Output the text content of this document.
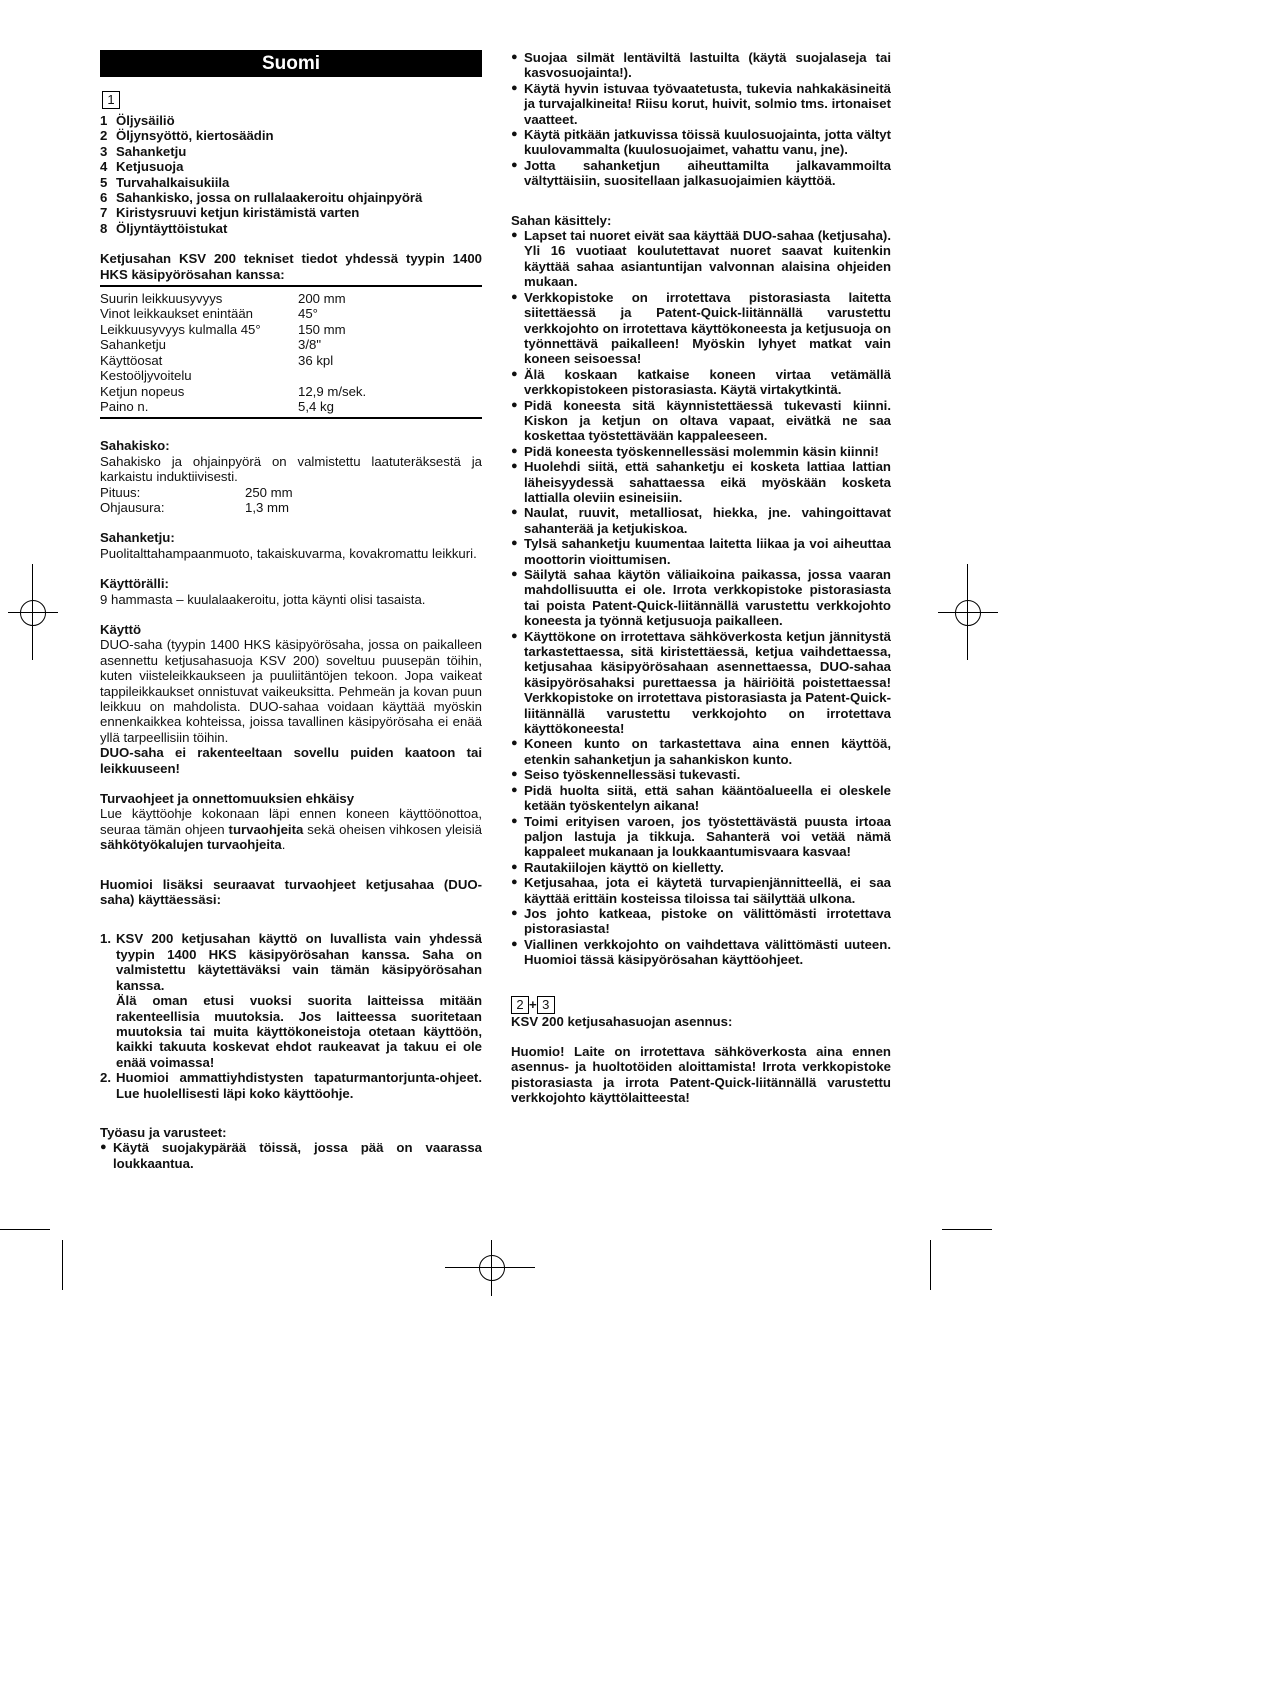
Suomi
1
1 Öljysäiliö
2 Öljynsyöttö, kiertosäädin
3 Sahanketju
4 Ketjusuoja
5 Turvahalkaisukiila
6 Sahankisko, jossa on rullalaakeroitu ohjainpyörä
7 Kiristysruuvi ketjun kiristämistä varten
8 Öljyntäyttöistukat
Ketjusahan KSV 200 tekniset tiedot yhdessä tyypin 1400 HKS käsipyörösahan kanssa:
Suurin leikkuusyvyys	200 mm
Vinot leikkaukset enintään	45°
Leikkuusyvyys kulmalla 45°	150 mm
Sahanketju	3/8"
Käyttöosat	36 kpl
Kestoöljyvoitelu	
Ketjun nopeus	12,9 m/sek.
Paino n.	5,4 kg
Sahakisko:
Sahakisko ja ohjainpyörä on valmistettu laatuteräksestä ja karkaistu induktiivisesti.
Pituus:	250 mm
Ohjausura:	1,3 mm
Sahanketju:
Puolitalttahampaanmuoto, takaiskuvarma, kovakromattu leikkuri.
Käyttörälli:
9 hammasta – kuulalaakeroitu, jotta käynti olisi tasaista.
Käyttö
DUO-saha (tyypin 1400 HKS käsipyörösaha, jossa on paikalleen asennettu ketjusahasuoja KSV 200) soveltuu puusepän töihin, kuten viisteleikkaukseen ja puuliitäntöjen tekoon. Jopa vaikeat tappileikkaukset onnistuvat vaikeuksitta. Pehmeän ja kovan puun leikkuu on mahdolista. DUO-sahaa voidaan käyttää myöskin ennenkaikkea kohteissa, joissa tavallinen käsipyörösaha ei enää yllä tarpeellisiin töihin.
DUO-saha ei rakenteeltaan sovellu puiden kaatoon tai leikkuuseen!
Turvaohjeet ja onnettomuuksien ehkäisy
Lue käyttöohje kokonaan läpi ennen koneen käyttöönottoa, seuraa tämän ohjeen turvaohjeita sekä oheisen vihkosen yleisiä sähkötyökalujen turvaohjeita.
Huomioi lisäksi seuraavat turvaohjeet ketjusahaa (DUO-saha) käyttäessäsi:
1. KSV 200 ketjusahan käyttö on luvallista vain yhdessä tyypin 1400 HKS käsipyörösahan kanssa. Saha on valmistettu käytettäväksi vain tämän käsipyörösahan kanssa.
Älä oman etusi vuoksi suorita laitteissa mitään rakenteellisia muutoksia. Jos laitteessa suoritetaan muutoksia tai muita käyttökoneistoja otetaan käyttöön, kaikki takuuta koskevat ehdot raukeavat ja takuu ei ole enää voimassa!
2. Huomioi ammattiyhdistysten tapaturmantorjunta-ohjeet. Lue huolellisesti läpi koko käyttöohje.
Työasu ja varusteet:
● Käytä suojakypärää töissä, jossa pää on vaarassa loukkaantua.
● Suojaa silmät lentäviltä lastuilta (käytä suojalaseja tai kasvosuojainta!).
● Käytä hyvin istuvaa työvaatetusta, tukevia nahkakäsineitä ja turvajalkineita! Riisu korut, huivit, solmio tms. irtonaiset vaatteet.
● Käytä pitkään jatkuvissa töissä kuulosuojainta, jotta vältyt kuulovammalta (kuulosuojaimet, vahattu vanu, jne).
● Jotta sahanketjun aiheuttamilta jalkavammoilta vältyttäisiin, suositellaan jalkasuojaimien käyttöä.
Sahan käsittely:
● Lapset tai nuoret eivät saa käyttää DUO-sahaa (ketjusaha). Yli 16 vuotiaat koulutettavat nuoret saavat kuitenkin käyttää sahaa asiantuntijan valvonnan alaisina ohjeiden mukaan.
● Verkkopistoke on irrotettava pistorasiasta laitetta siitettäessä ja Patent-Quick-liitännällä varustettu verkkojohto on irrotettava käyttökoneesta ja ketjusuoja on työnnettävä paikalleen! Myöskin lyhyet matkat vain koneen seisoessa!
● Älä koskaan katkaise koneen virtaa vetämällä verkkopistokeen pistorasiasta. Käytä virtakytkintä.
● Pidä koneesta sitä käynnistettäessä tukevasti kiinni. Kiskon ja ketjun on oltava vapaat, eivätkä ne saa koskettaa työstettävään kappaleeseen.
● Pidä koneesta työskennellessäsi molemmin käsin kiinni!
● Huolehdi siitä, että sahanketju ei kosketa lattiaa lattian läheisyydessä sahattaessa eikä myöskään kosketa lattialla oleviin esineisiin.
● Naulat, ruuvit, metalliosat, hiekka, jne. vahingoittavat sahanterää ja ketjukiskoa.
● Tylsä sahanketju kuumentaa laitetta liikaa ja voi aiheuttaa moottorin vioittumisen.
● Säilytä sahaa käytön väliaikoina paikassa, jossa vaaran mahdollisuutta ei ole. Irrota verkkopistoke pistorasiasta tai poista Patent-Quick-liitännällä varustettu verkkojohto koneesta ja työnnä ketjusuoja paikalleen.
● Käyttökone on irrotettava sähköverkosta ketjun jännitystä tarkastettaessa, sitä kiristettäessä, ketjua vaihdettaessa, ketjusahaa käsipyörösahaan asennettaessa, DUO-sahaa käsipyörösahaksi purettaessa ja häiriöitä poistettaessa! Verkkopistoke on irrotettava pistorasiasta ja Patent-Quick-liitännällä varustettu verkkojohto on irrotettava käyttökoneesta!
● Koneen kunto on tarkastettava aina ennen käyttöä, etenkin sahanketjun ja sahankiskon kunto.
● Seiso työskennellessäsi tukevasti.
● Pidä huolta siitä, että sahan kääntöalueella ei oleskele ketään työskentelyn aikana!
● Toimi erityisen varoen, jos työstettävästä puusta irtoaa paljon lastuja ja tikkuja. Sahanterä voi vetää nämä kappaleet mukanaan ja loukkaantumisvaara kasvaa!
● Rautakiilojen käyttö on kielletty.
● Ketjusahaa, jota ei käytetä turvapienjännitteellä, ei saa käyttää erittäin kosteissa tiloissa tai säilyttää ulkona.
● Jos johto katkeaa, pistoke on välittömästi irrotettava pistorasiasta!
● Viallinen verkkojohto on vaihdettava välittömästi uuteen. Huomioi tässä käsipyörösahan käyttöohjeet.
2 + 3
KSV 200 ketjusahasuojan asennus:
Huomio! Laite on irrotettava sähköverkosta aina ennen asennus- ja huoltotöiden aloittamista! Irrota verkkopistoke pistorasiasta ja irrota Patent-Quick-liitännällä varustettu verkkojohto käyttölaitteesta!
